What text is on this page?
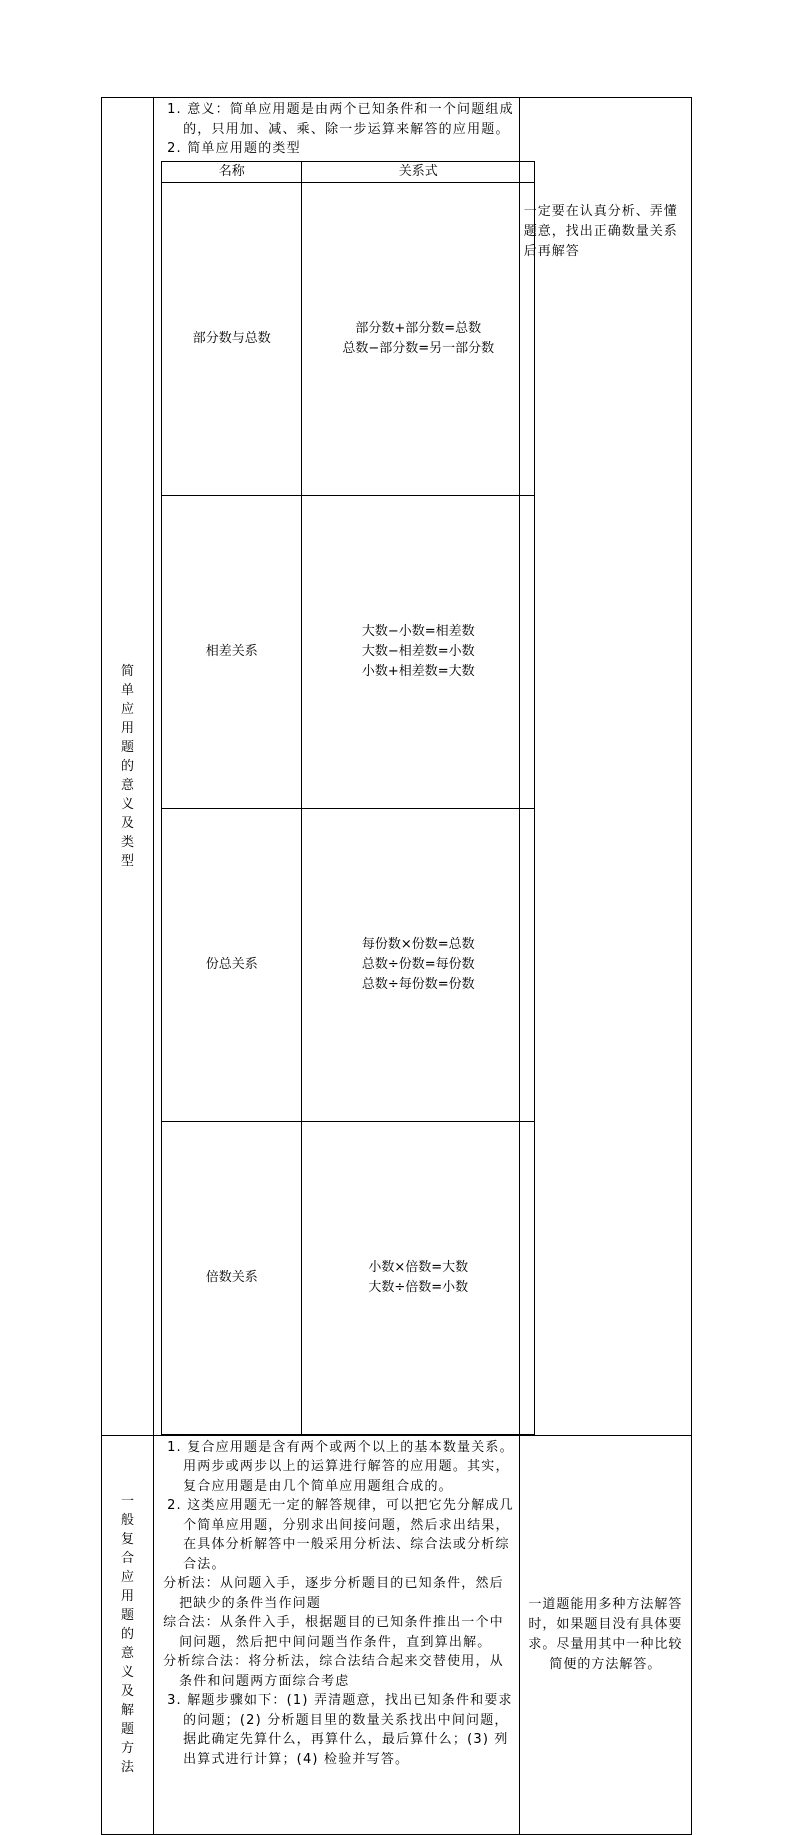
简
单
应
用
题
的
意
义
及
类
型

1. 意义：简单应用题是由两个已知条件和一个问题组成的，只用加、减、乘、除一步运算来解答的应用题。
2. 简单应用题的类型
名称	关系式
部分数与总数	
部分数+部分数=总数
总数−部分数=另一部分数

相差关系	
大数−小数=相差数
大数−相差数=小数
小数+相差数=大数

份总关系	
每份数×份数=总数
总数÷份数=每份数
总数÷每份数=份数

倍数关系	
小数×倍数=大数
大数÷倍数=小数
	一定要在认真分析、弄懂题意，找出正确数量关系后再解答

一
般
复
合
应
用
题
的
意
义
及
解
题
方
法

1. 复合应用题是含有两个或两个以上的基本数量关系。用两步或两步以上的运算进行解答的应用题。其实，复合应用题是由几个简单应用题组合成的。
2. 这类应用题无一定的解答规律，可以把它先分解成几个简单应用题，分别求出间接问题，然后求出结果，在具体分析解答中一般采用分析法、综合法或分析综合法。
分析法：从问题入手，逐步分析题目的已知条件，然后把缺少的条件当作问题
综合法：从条件入手，根据题目的已知条件推出一个中间问题，然后把中间问题当作条件，直到算出解。
分析综合法：将分析法，综合法结合起来交替使用，从条件和问题两方面综合考虑
3. 解题步骤如下：(1) 弄清题意，找出已知条件和要求的问题；(2) 分析题目里的数量关系找出中间问题，据此确定先算什么，再算什么，最后算什么；(3) 列出算式进行计算；(4) 检验并写答。
	一道题能用多种方法解答时，如果题目没有具体要求。尽量用其中一种比较简便的方法解答。
